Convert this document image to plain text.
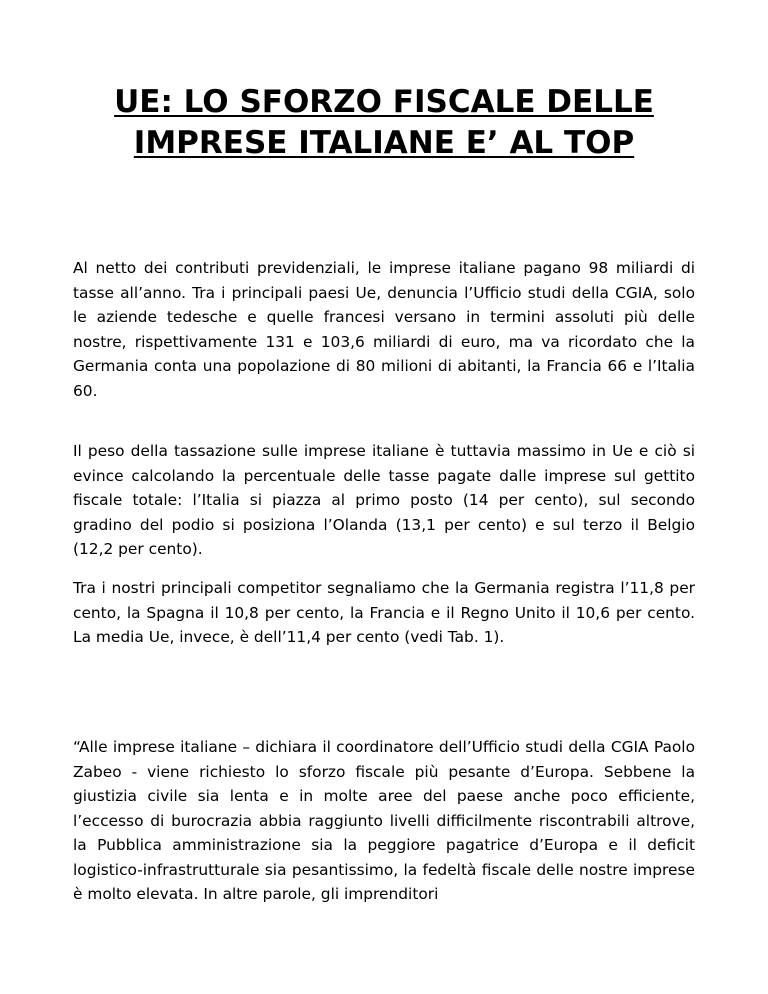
UE: LO SFORZO FISCALE DELLE IMPRESE ITALIANE E’ AL TOP

Al netto dei contributi previdenziali, le imprese italiane pagano 98 miliardi di tasse all’anno. Tra i principali paesi Ue, denuncia l’Ufficio studi della CGIA, solo le aziende tedesche e quelle francesi versano in termini assoluti più delle nostre, rispettivamente 131 e 103,6 miliardi di euro, ma va ricordato che la Germania conta una popolazione di 80 milioni di abitanti, la Francia 66 e l’Italia 60.

Il peso della tassazione sulle imprese italiane è tuttavia massimo in Ue e ciò si evince calcolando la percentuale delle tasse pagate dalle imprese sul gettito fiscale totale: l’Italia si piazza al primo posto (14 per cento), sul secondo gradino del podio si posiziona l’Olanda (13,1 per cento) e sul terzo il Belgio (12,2 per cento).

Tra i nostri principali competitor segnaliamo che la Germania registra l’11,8 per cento, la Spagna il 10,8 per cento, la Francia e il Regno Unito il 10,6 per cento. La media Ue, invece, è dell’11,4 per cento (vedi Tab. 1).

“Alle imprese italiane – dichiara il coordinatore dell’Ufficio studi della CGIA Paolo Zabeo - viene richiesto lo sforzo fiscale più pesante d’Europa. Sebbene la giustizia civile sia lenta e in molte aree del paese anche poco efficiente, l’eccesso di burocrazia abbia raggiunto livelli difficilmente riscontrabili altrove, la Pubblica amministrazione sia la peggiore pagatrice d’Europa e il deficit logistico-infrastrutturale sia pesantissimo, la fedeltà fiscale delle nostre imprese è molto elevata. In altre parole, gli imprenditori
